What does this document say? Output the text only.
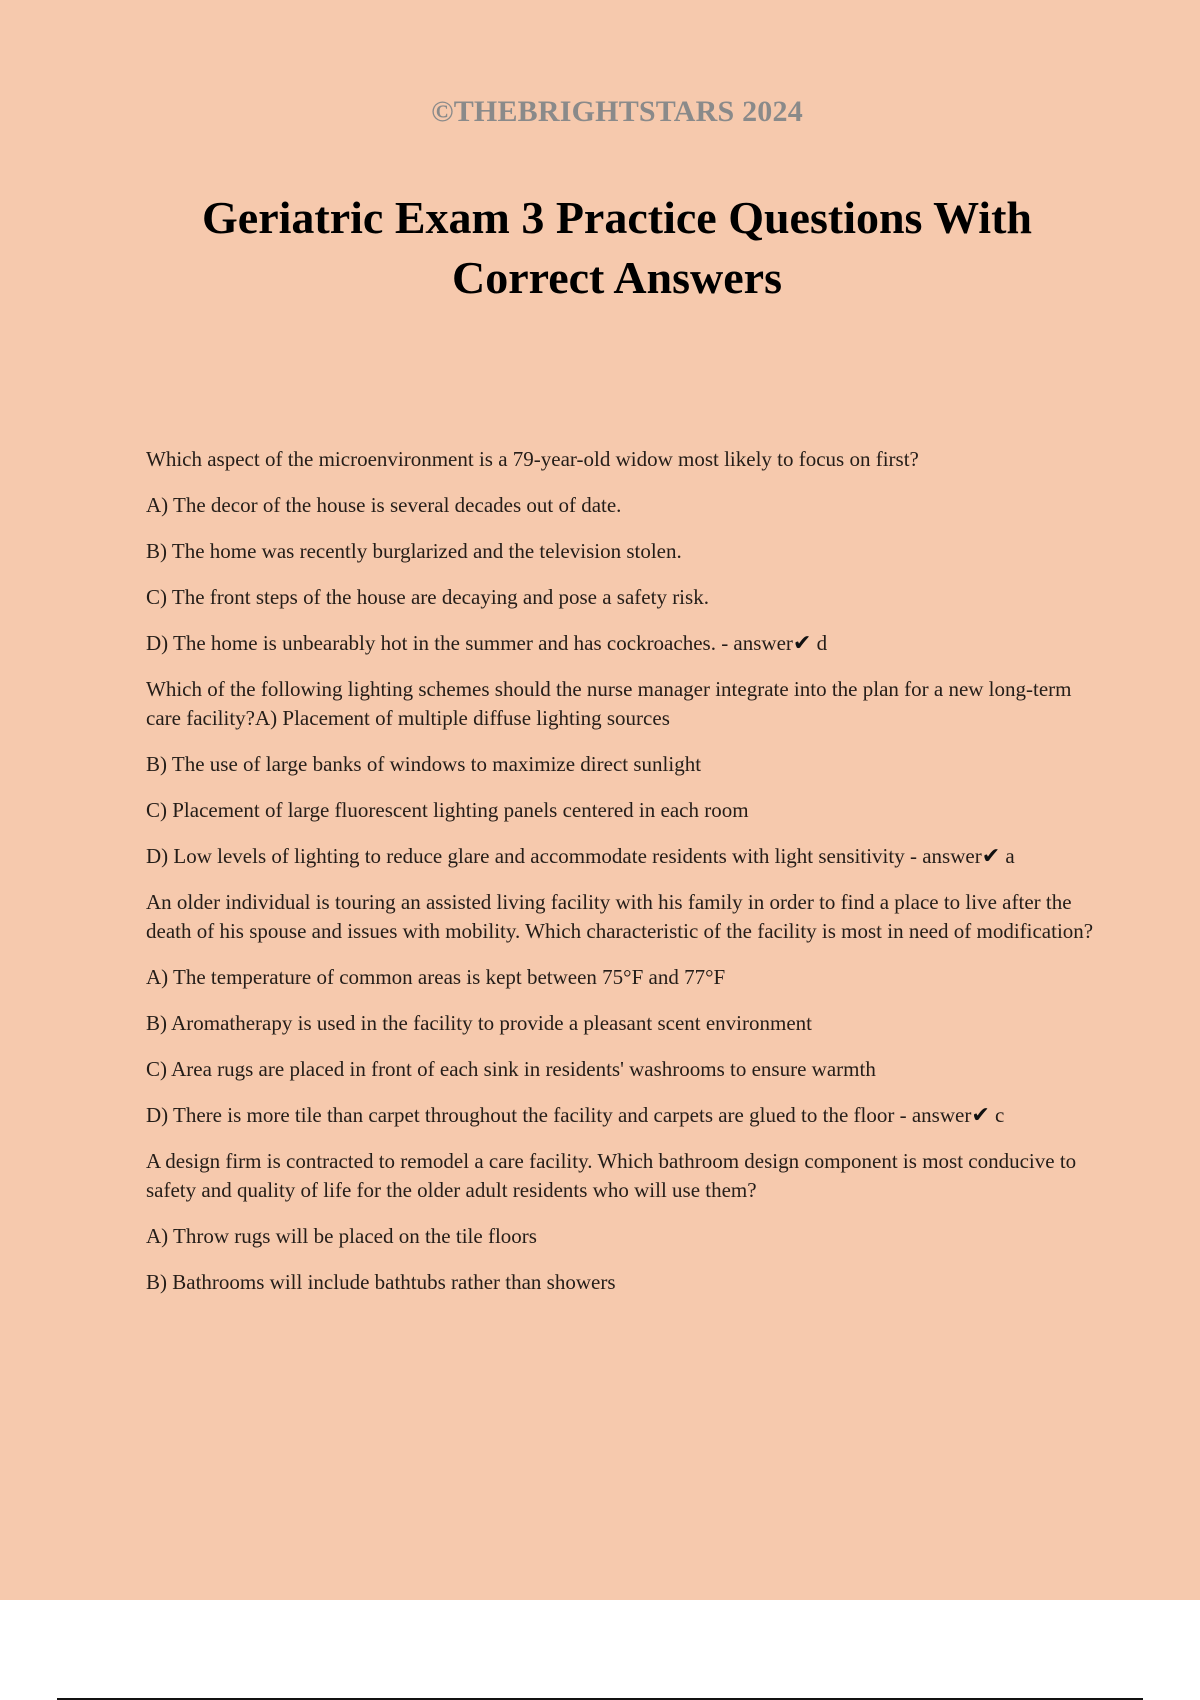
©THEBRIGHTSTARS 2024
Geriatric Exam 3 Practice Questions With Correct Answers

Which aspect of the microenvironment is a 79-year-old widow most likely to focus on first?

A) The decor of the house is several decades out of date.

B) The home was recently burglarized and the television stolen.

C) The front steps of the house are decaying and pose a safety risk.

D) The home is unbearably hot in the summer and has cockroaches. - answer✔ d

Which of the following lighting schemes should the nurse manager integrate into the plan for a new long-term care facility?A) Placement of multiple diffuse lighting sources

B) The use of large banks of windows to maximize direct sunlight

C) Placement of large fluorescent lighting panels centered in each room

D) Low levels of lighting to reduce glare and accommodate residents with light sensitivity - answer✔ a

An older individual is touring an assisted living facility with his family in order to find a place to live after the death of his spouse and issues with mobility. Which characteristic of the facility is most in need of modification?

A) The temperature of common areas is kept between 75°F and 77°F

B) Aromatherapy is used in the facility to provide a pleasant scent environment

C) Area rugs are placed in front of each sink in residents' washrooms to ensure warmth

D) There is more tile than carpet throughout the facility and carpets are glued to the floor - answer✔ c

A design firm is contracted to remodel a care facility. Which bathroom design component is most conducive to safety and quality of life for the older adult residents who will use them?

A) Throw rugs will be placed on the tile floors

B) Bathrooms will include bathtubs rather than showers
